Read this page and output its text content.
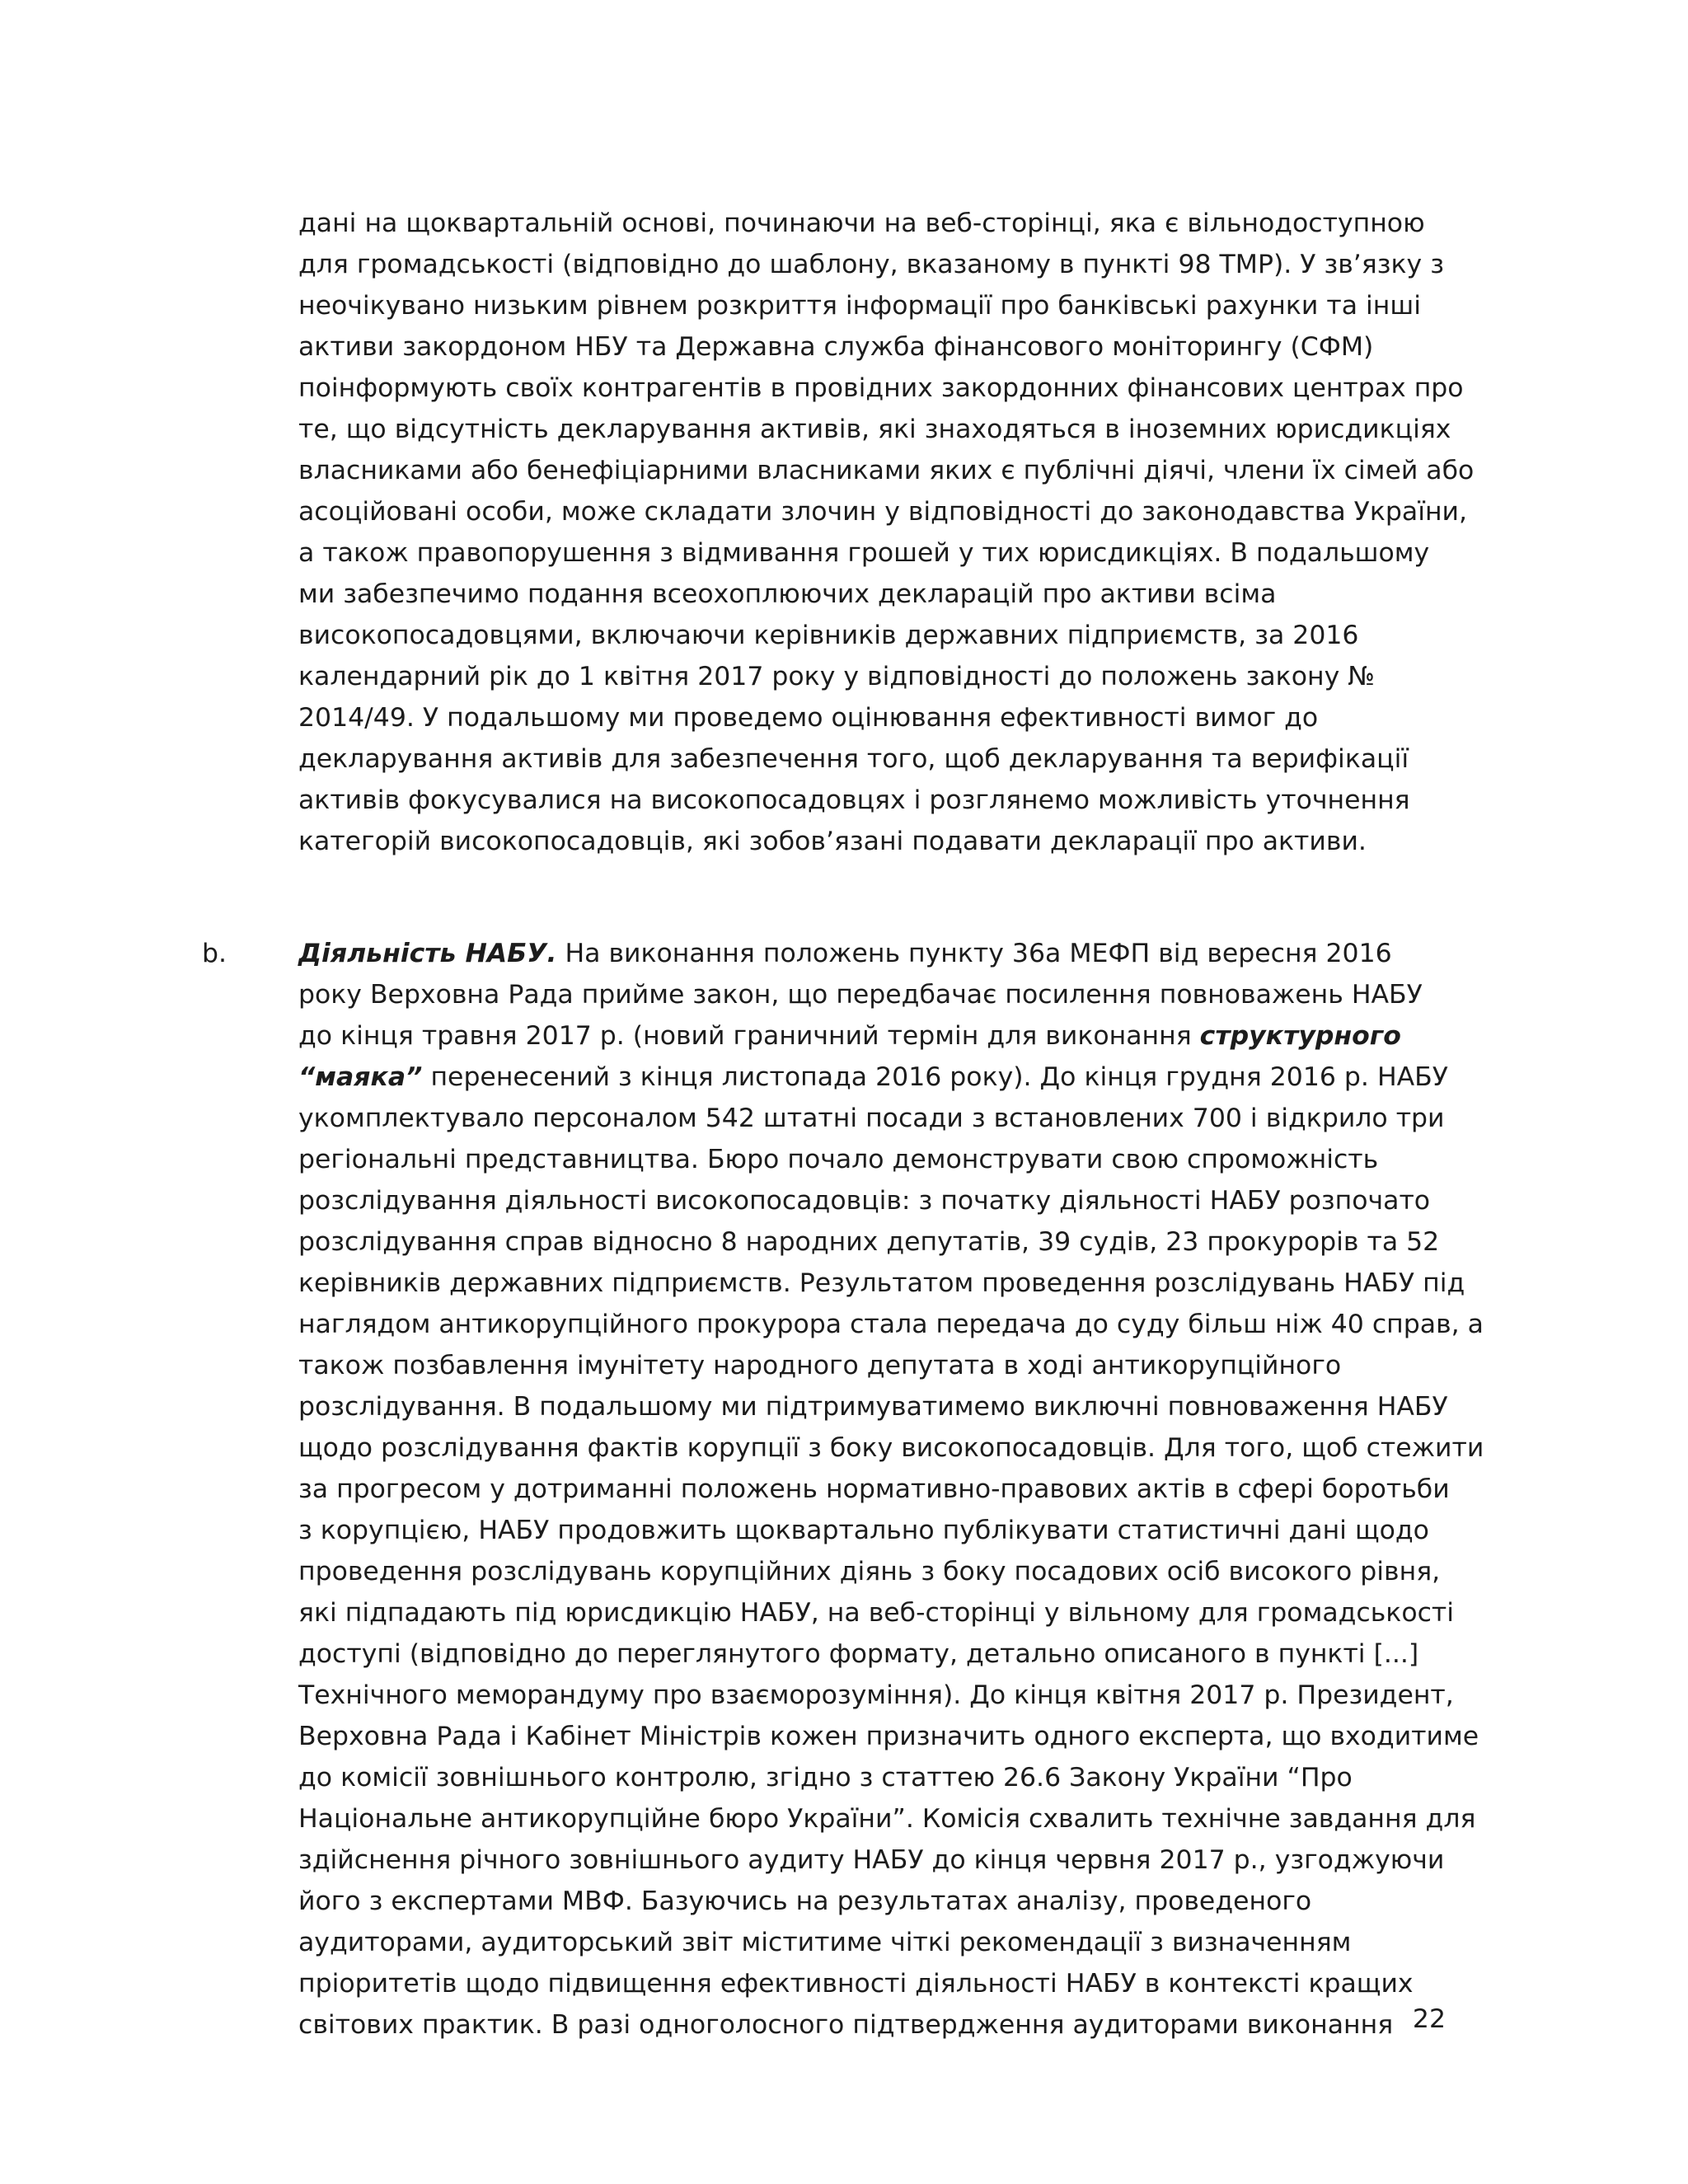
дані на щоквартальній основі, починаючи на веб-сторінці, яка є вільнодоступною
для громадськості (відповідно до шаблону, вказаному в пункті 98 ТМР). У зв’язку з
неочікувано низьким рівнем розкриття інформації про банківські рахунки та інші
активи закордоном НБУ та Державна служба фінансового моніторингу (СФМ)
поінформують своїх контрагентів в провідних закордонних фінансових центрах про
те, що відсутність декларування активів, які знаходяться в іноземних юрисдикціях
власниками або бенефіціарними власниками яких є публічні діячі, члени їх сімей або
асоційовані особи, може складати злочин у відповідності до законодавства України,
а також правопорушення з відмивання грошей у тих юрисдикціях. В подальшому
ми забезпечимо подання всеохоплюючих декларацій про активи всіма
високопосадовцями, включаючи керівників державних підприємств, за 2016
календарний рік до 1 квітня 2017 року у відповідності до положень закону №
2014/49. У подальшому ми проведемо оцінювання ефективності вимог до
декларування активів для забезпечення того, щоб декларування та верифікації
активів фокусувалися на високопосадовцях і розглянемо можливість уточнення
категорій високопосадовців, які зобов’язані подавати декларації про активи.
b.	Діяльність НАБУ. На виконання положень пункту 36а МЕФП від вересня 2016
року Верховна Рада прийме закон, що передбачає посилення повноважень НАБУ
до кінця травня 2017 р. (новий граничний термін для виконання структурного
“маяка” перенесений з кінця листопада 2016 року). До кінця грудня 2016 р. НАБУ
укомплектувало персоналом 542 штатні посади з встановлених 700 і відкрило три
регіональні представництва. Бюро почало демонструвати свою спроможність
розслідування діяльності високопосадовців: з початку діяльності НАБУ розпочато
розслідування справ відносно 8 народних депутатів, 39 судів, 23 прокурорів та 52
керівників державних підприємств. Результатом проведення розслідувань НАБУ під
наглядом антикорупційного прокурора стала передача до суду більш ніж 40 справ, а
також позбавлення імунітету народного депутата в ході антикорупційного
розслідування. В подальшому ми підтримуватимемо виключні повноваження НАБУ
щодо розслідування фактів корупції з боку високопосадовців. Для того, щоб стежити
за прогресом у дотриманні положень нормативно-правових актів в сфері боротьби
з корупцією, НАБУ продовжить щоквартально публікувати статистичні дані щодо
проведення розслідувань корупційних діянь з боку посадових осіб високого рівня,
які підпадають під юрисдикцію НАБУ, на веб-сторінці у вільному для громадськості
доступі (відповідно до переглянутого формату, детально описаного в пункті [...]
Технічного меморандуму про взаєморозуміння). До кінця квітня 2017 р. Президент,
Верховна Рада і Кабінет Міністрів кожен призначить одного експерта, що входитиме
до комісії зовнішнього контролю, згідно з статтею 26.6 Закону України “Про
Національне антикорупційне бюро України”. Комісія схвалить технічне завдання для
здійснення річного зовнішнього аудиту НАБУ до кінця червня 2017 р., узгоджуючи
його з експертами МВФ. Базуючись на результатах аналізу, проведеного
аудиторами, аудиторський звіт міститиме чіткі рекомендації з визначенням
пріоритетів щодо підвищення ефективності діяльності НАБУ в контексті кращих
світових практик. В разі одноголосного підтвердження аудиторами виконання 22
